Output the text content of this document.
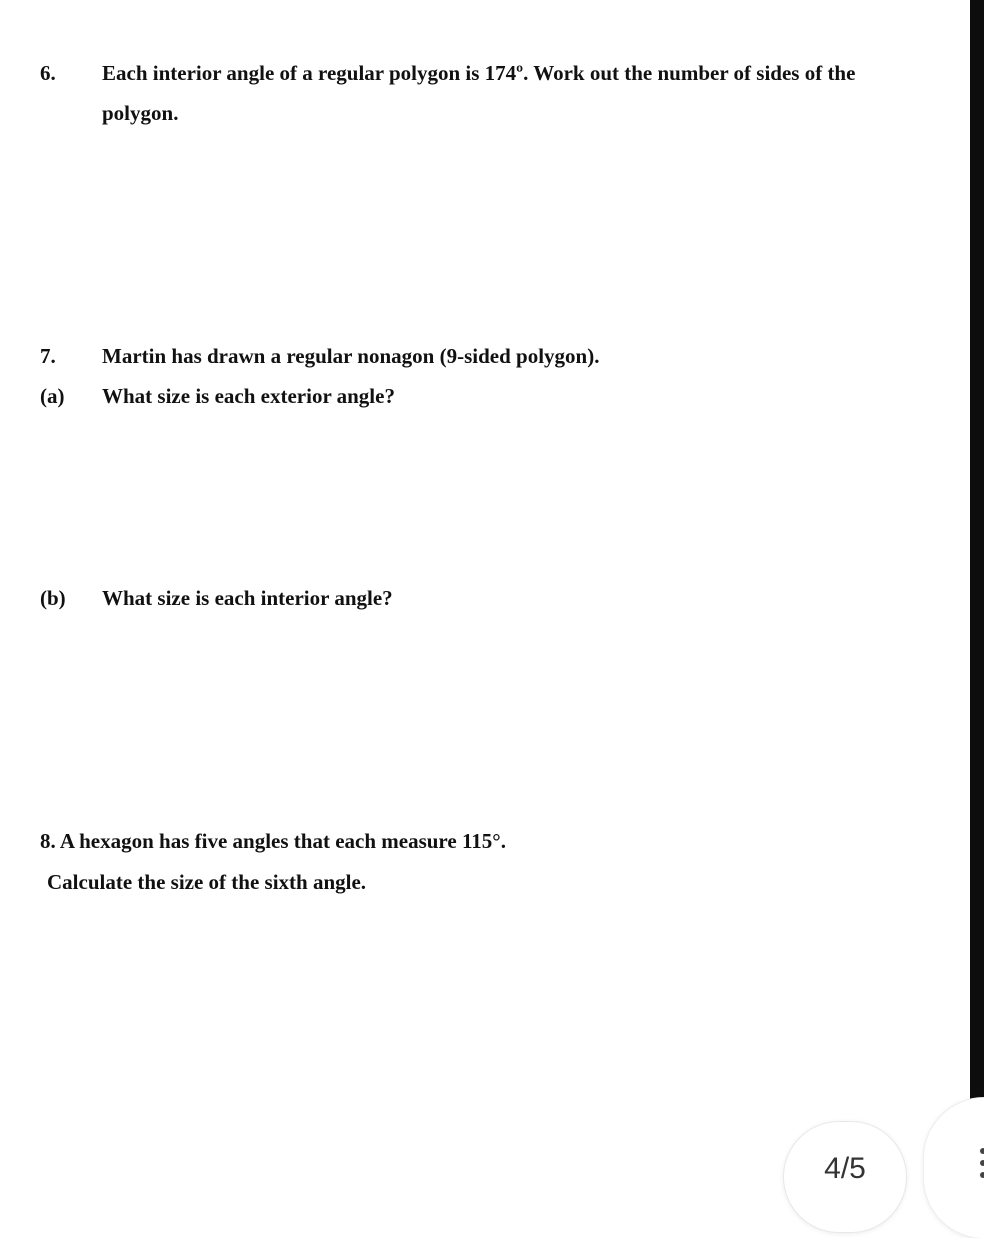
6. Each interior angle of a regular polygon is 174º. Work out the number of sides of the
polygon.
7. Martin has drawn a regular nonagon (9-sided polygon).
(a) What size is each exterior angle?
(b) What size is each interior angle?
8. A hexagon has five angles that each measure 115°.
Calculate the size of the sixth angle.
4/5
